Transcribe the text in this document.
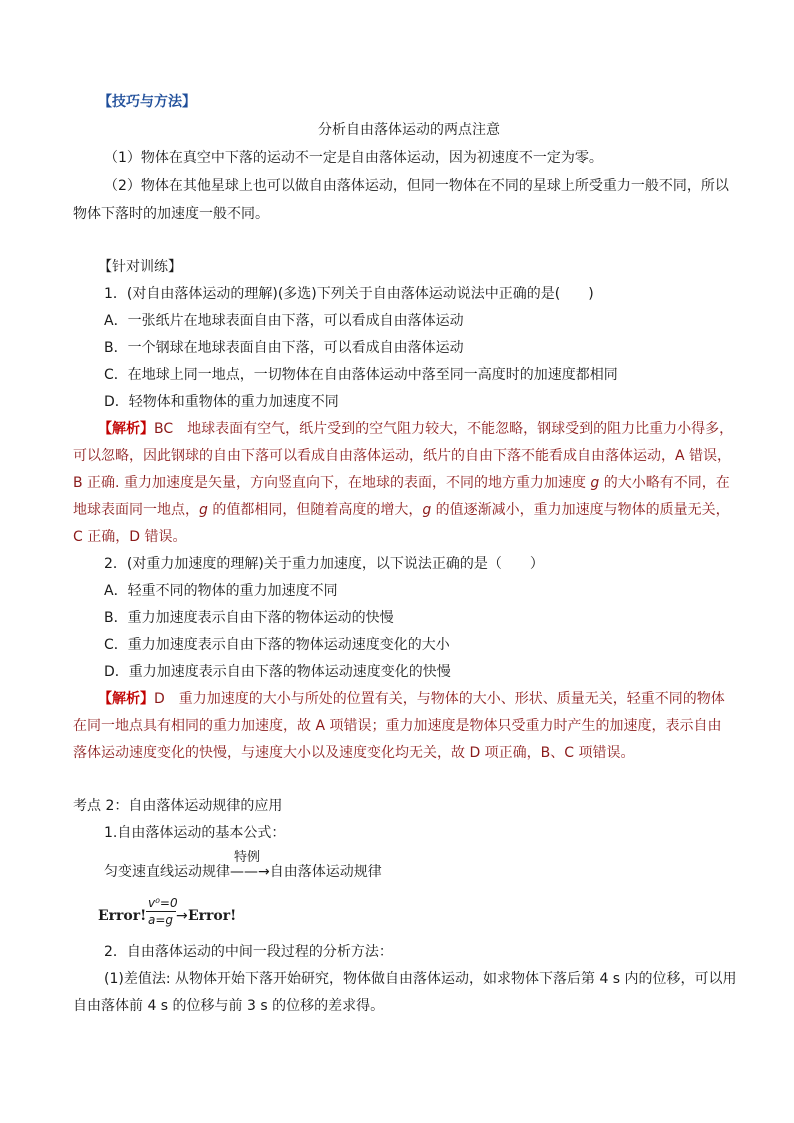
【技巧与方法】
分析自由落体运动的两点注意
（1）物体在真空中下落的运动不一定是自由落体运动，因为初速度不一定为零。
（2）物体在其他星球上也可以做自由落体运动，但同一物体在不同的星球上所受重力一般不同，所以
物体下落时的加速度一般不同。
【针对训练】
1．(对自由落体运动的理解)(多选)下列关于自由落体运动说法中正确的是(　　)
A．一张纸片在地球表面自由下落，可以看成自由落体运动
B．一个钢球在地球表面自由下落，可以看成自由落体运动
C．在地球上同一地点，一切物体在自由落体运动中落至同一高度时的加速度都相同
D．轻物体和重物体的重力加速度不同
【解析】BC　地球表面有空气，纸片受到的空气阻力较大，不能忽略，钢球受到的阻力比重力小得多，
可以忽略，因此钢球的自由下落可以看成自由落体运动，纸片的自由下落不能看成自由落体运动，A 错误，
B 正确. 重力加速度是矢量，方向竖直向下，在地球的表面，不同的地方重力加速度 g 的大小略有不同，在
地球表面同一地点，g 的值都相同，但随着高度的增大，g 的值逐渐减小，重力加速度与物体的质量无关，
C 正确，D 错误。
2．(对重力加速度的理解)关于重力加速度，以下说法正确的是（　　）
A．轻重不同的物体的重力加速度不同
B．重力加速度表示自由下落的物体运动的快慢
C．重力加速度表示自由下落的物体运动速度变化的大小
D．重力加速度表示自由下落的物体运动速度变化的快慢
【解析】D　重力加速度的大小与所处的位置有关，与物体的大小、形状、质量无关，轻重不同的物体
在同一地点具有相同的重力加速度，故 A 项错误；重力加速度是物体只受重力时产生的加速度，表示自由
落体运动速度变化的快慢，与速度大小以及速度变化均无关，故 D 项正确，B、C 项错误。
考点 2：自由落体运动规律的应用
1.自由落体运动的基本公式：
特例
匀变速直线运动规律——→自由落体运动规律
Error!
v⁰=0
a=g → Error!
2．自由落体运动的中间一段过程的分析方法：
(1)差值法: 从物体开始下落开始研究，物体做自由落体运动，如求物体下落后第 4 s 内的位移，可以用
自由落体前 4 s 的位移与前 3 s 的位移的差求得。
